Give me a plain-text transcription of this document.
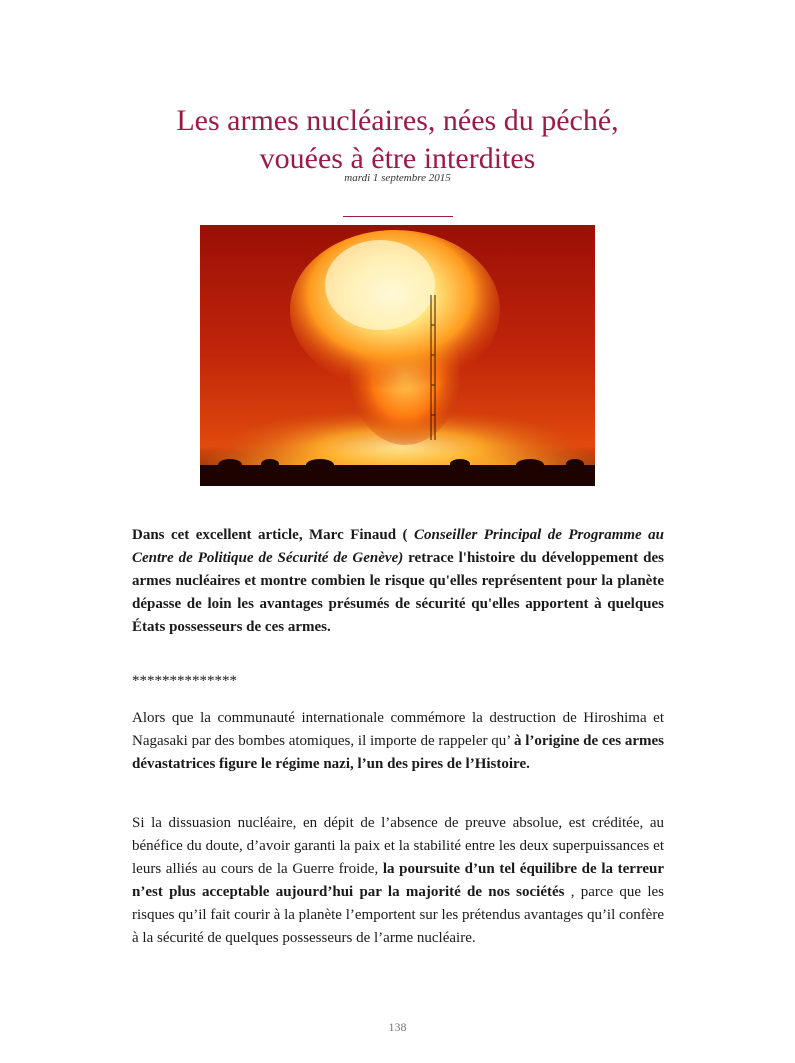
Les armes nucléaires, nées du péché,
vouées à être interdites
mardi 1 septembre 2015

Dans cet excellent article, Marc Finaud ( Conseiller Principal de Programme au Centre de Politique de Sécurité de Genève) retrace l'histoire du développement des armes nucléaires et montre combien le risque qu'elles représentent pour la planète dépasse de loin les avantages présumés de sécurité qu'elles apportent à quelques États possesseurs de ces armes.

**************

Alors que la communauté internationale commémore la destruction de Hiroshima et Nagasaki par des bombes atomiques, il importe de rappeler qu’ à l’origine de ces armes dévastatrices figure le régime nazi, l’un des pires de l’Histoire.

Si la dissuasion nucléaire, en dépit de l’absence de preuve absolue, est créditée, au bénéfice du doute, d’avoir garanti la paix et la stabilité entre les deux superpuissances et leurs alliés au cours de la Guerre froide, la poursuite d’un tel équilibre de la terreur n’est plus acceptable aujourd’hui par la majorité de nos sociétés , parce que les risques qu’il fait courir à la planète l’emportent sur les prétendus avantages qu’il confère à la sécurité de quelques possesseurs de l’arme nucléaire.

138
